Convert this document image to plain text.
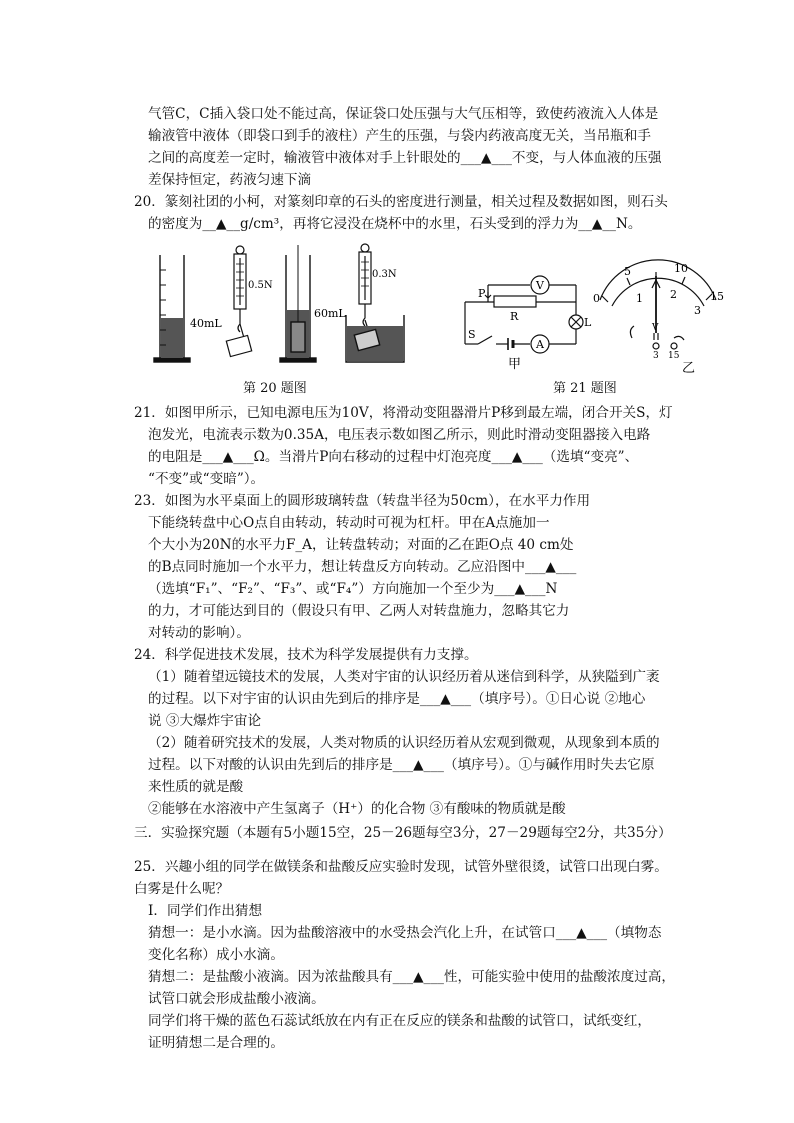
气管C，C插入袋口处不能过高，保证袋口处压强与大气压相等，致使药液流入人体是
输液管中液体（即袋口到手的液柱）产生的压强，与袋内药液高度无关，当吊瓶和手
之间的高度差一定时，输液管中液体对手上针眼处的___▲___不变，与人体血液的压强
差保持恒定，药液匀速下滴
20．篆刻社团的小柯，对篆刻印章的石头的密度进行测量，相关过程及数据如图，则石头
的密度为__▲__g/cm³，再将它浸没在烧杯中的水里，石头受到的浮力为__▲__N。
40mL
0.5N
60mL
0.3N
第 20 题图
P
V
R
S
L
A
甲
5	10
0	15
1 2
3
V
3 15
乙
第 21 题图
21．如图甲所示，已知电源电压为10V，将滑动变阻器滑片P移到最左端，闭合开关S，灯
泡发光，电流表示数为0.35A，电压表示数如图乙所示，则此时滑动变阻器接入电路
的电阻是___▲___Ω。当滑片P向右移动的过程中灯泡亮度___▲___（选填“变亮”、
“不变”或“变暗”）。
23．如图为水平桌面上的圆形玻璃转盘（转盘半径为50cm），在水平力作用
下能绕转盘中心O点自由转动，转动时可视为杠杆。甲在A点施加一
个大小为20N的水平力F_A，让转盘转动；对面的乙在距O点 40 cm处
的B点同时施加一个水平力，想让转盘反方向转动。乙应沿图中___▲___
（选填“F₁”、“F₂”、“F₃”、或“F₄”）方向施加一个至少为___▲___N
的力，才可能达到目的（假设只有甲、乙两人对转盘施力，忽略其它力
对转动的影响）。
24．科学促进技术发展，技术为科学发展提供有力支撑。
（1）随着望远镜技术的发展，人类对宇宙的认识经历着从迷信到科学，从狭隘到广袤
的过程。以下对宇宙的认识由先到后的排序是___▲___（填序号）。①日心说 ②地心
说 ③大爆炸宇宙论
（2）随着研究技术的发展，人类对物质的认识经历着从宏观到微观，从现象到本质的
过程。以下对酸的认识由先到后的排序是___▲___（填序号）。①与碱作用时失去它原
来性质的就是酸
②能够在水溶液中产生氢离子（H⁺）的化合物 ③有酸味的物质就是酸
三．实验探究题（本题有5小题15空，25－26题每空3分，27－29题每空2分，共35分）
25．兴趣小组的同学在做镁条和盐酸反应实验时发现，试管外壁很烫，试管口出现白雾。
白雾是什么呢？
Ⅰ．同学们作出猜想
猜想一：是小水滴。因为盐酸溶液中的水受热会汽化上升，在试管口___▲___（填物态
变化名称）成小水滴。
猜想二：是盐酸小液滴。因为浓盐酸具有___▲___性，可能实验中使用的盐酸浓度过高，
试管口就会形成盐酸小液滴。
同学们将干燥的蓝色石蕊试纸放在内有正在反应的镁条和盐酸的试管口，试纸变红，
证明猜想二是合理的。
